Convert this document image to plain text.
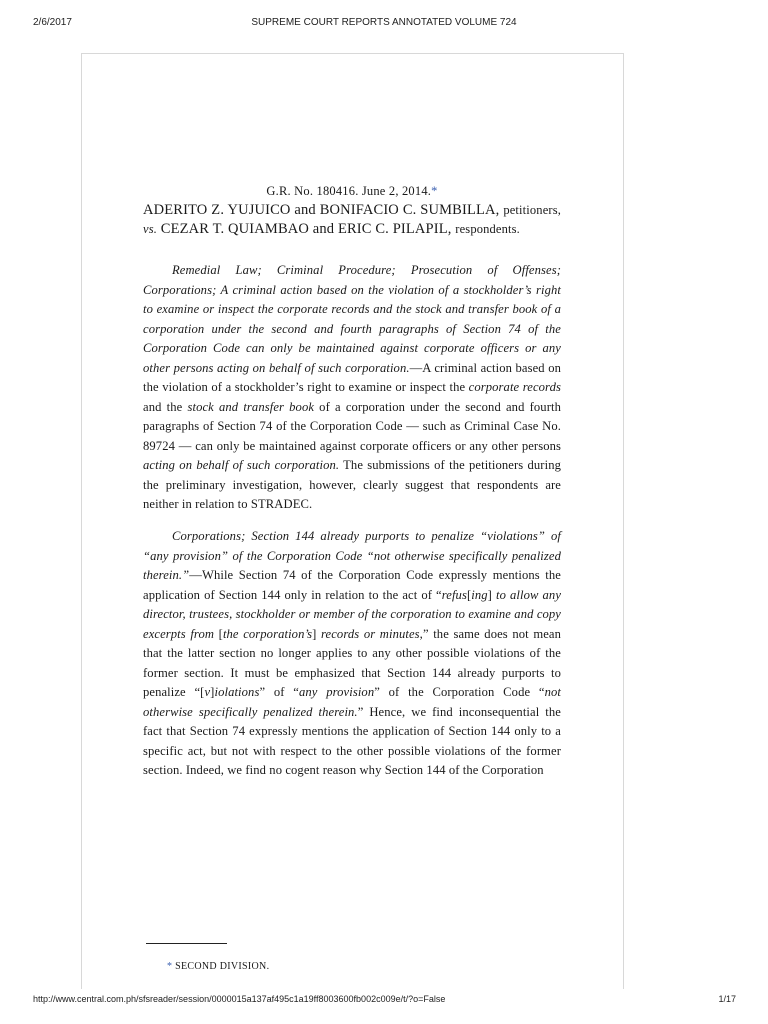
2/6/2017	SUPREME COURT REPORTS ANNOTATED VOLUME 724
G.R. No. 180416. June 2, 2014.*
ADERITO Z. YUJUICO and BONIFACIO C. SUMBILLA, petitioners, vs. CEZAR T. QUIAMBAO and ERIC C. PILAPIL, respondents.

Remedial Law; Criminal Procedure; Prosecution of Offenses; Corporations; A criminal action based on the violation of a stockholder’s right to examine or inspect the corporate records and the stock and transfer book of a corporation under the second and fourth paragraphs of Section 74 of the Corporation Code can only be maintained against corporate officers or any other persons acting on behalf of such corporation.—A criminal action based on the violation of a stockholder’s right to examine or inspect the corporate records and the stock and transfer book of a corporation under the second and fourth paragraphs of Section 74 of the Corporation Code — such as Criminal Case No. 89724 — can only be maintained against corporate officers or any other persons acting on behalf of such corporation. The submissions of the petitioners during the preliminary investigation, however, clearly suggest that respondents are neither in relation to STRADEC.

Corporations; Section 144 already purports to penalize “violations” of “any provision” of the Corporation Code “not otherwise specifically penalized therein.”—While Section 74 of the Corporation Code expressly mentions the application of Section 144 only in relation to the act of “refus[ing] to allow any director, trustees, stockholder or member of the corporation to examine and copy excerpts from [the corporation’s] records or minutes,” the same does not mean that the latter section no longer applies to any other possible violations of the former section. It must be emphasized that Section 144 already purports to penalize “[v]iolations” of “any provision” of the Corporation Code “not otherwise specifically penalized therein.” Hence, we find inconsequential the fact that Section 74 expressly mentions the application of Section 144 only to a specific act, but not with respect to the other possible violations of the former section. Indeed, we find no cogent reason why Section 144 of the Corporation

* SECOND DIVISION.
http://www.central.com.ph/sfsreader/session/0000015a137af495c1a19ff8003600fb002c009e/t/?o=False	1/17
